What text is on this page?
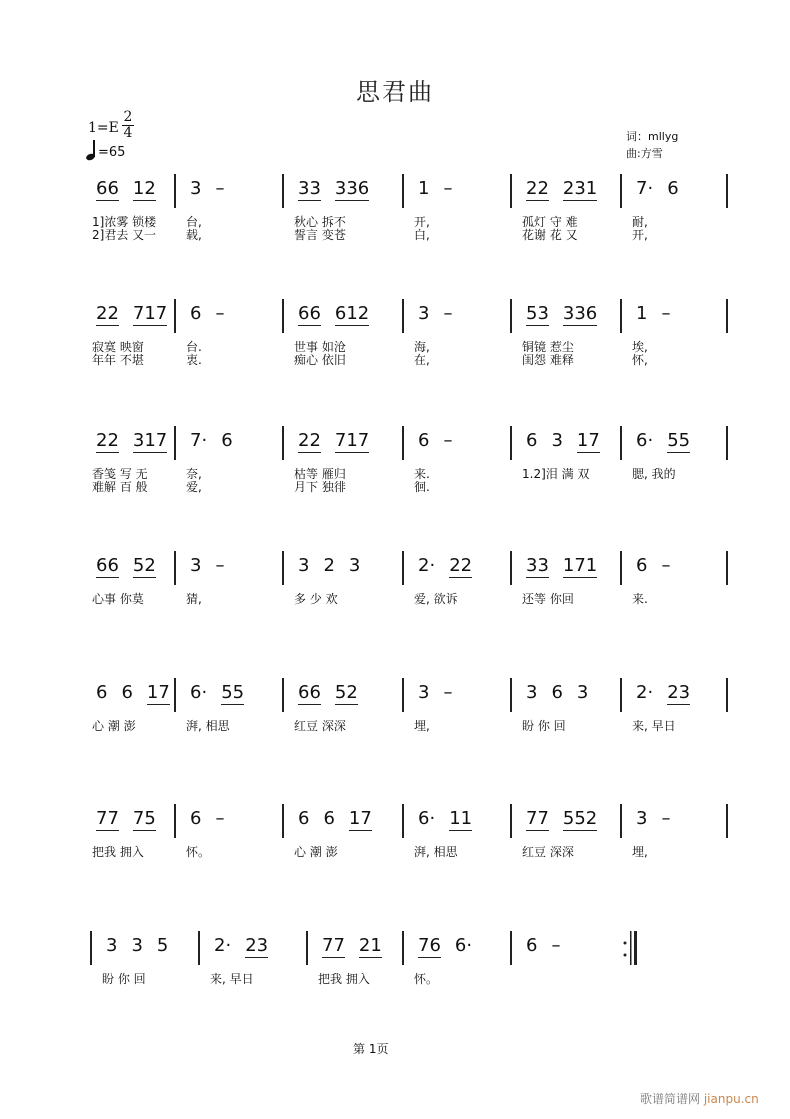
思君曲
1=E
2
4
=65
词：mllyg
曲:方雪
66 12
1]浓雾 锁楼
2]君去 又一
3 –
台,
载,
33 336
秋心 拆不
誓言 变苍
1 –
开,
白,
22 231
孤灯 守 难
花谢 花 又
7· 6
耐,
开,
22 717
寂寞 映窗
年年 不堪
6 –
台.
衷.
66 612
世事 如沧
痴心 依旧
3 –
海,
在,
53 336
铜镜 惹尘
闺怨 难释
1 –
埃,
怀,
22 317
香笺 写 无
难解 百 般
7· 6
奈,
爱,
22 717
枯等 雁归
月下 独徘
6 –
来.
徊.
6 3 17
1.2]泪 满 双
6· 55
腮, 我的
66 52
心事 你莫
3 –
猜,
3 2 3
多 少 欢
2· 22
爱, 欲诉
33 171
还等 你回
6 –
来.
6 6 17
心 潮 澎
6· 55
湃, 相思
66 52
红豆 深深
3 –
埋,
3 6 3
盼 你 回
2· 23
来, 早日
77 75
把我 拥入
6 –
怀。
6 6 17
心 潮 澎
6· 11
湃, 相思
77 552
红豆 深深
3 –
埋,
3 3 5
盼 你 回
2· 23
来, 早日
77 21
把我 拥入
76 6·
怀。
6 –
第 1页
歌谱简谱网 jianpu.cn
